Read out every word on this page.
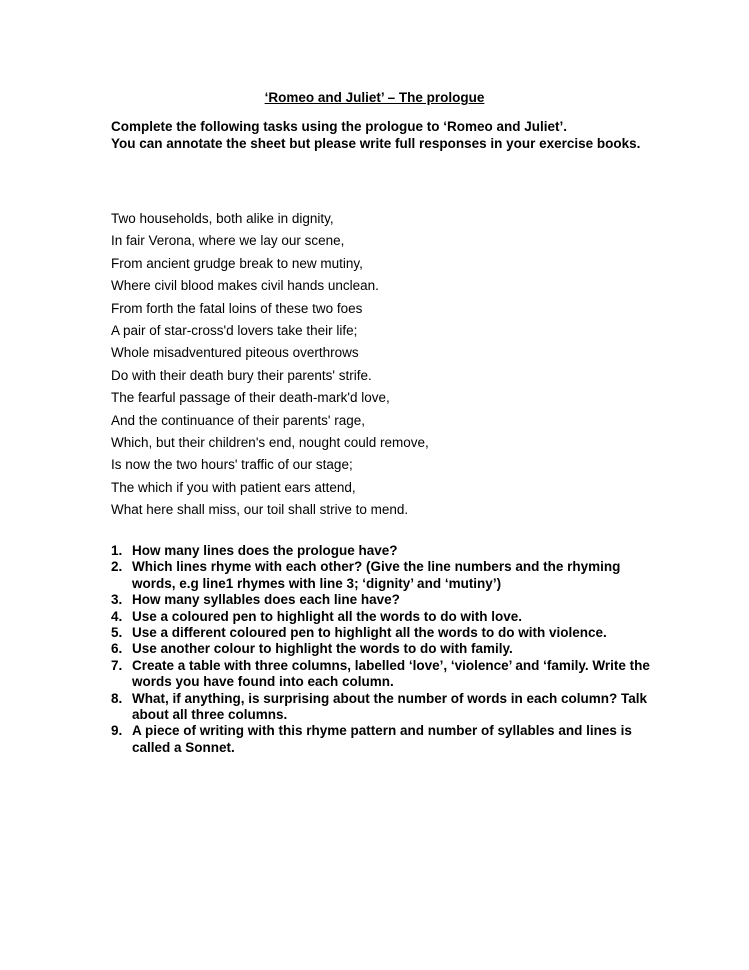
‘Romeo and Juliet’ – The prologue
Complete the following tasks using the prologue to ‘Romeo and Juliet’.
You can annotate the sheet but please write full responses in your exercise books.
Two households, both alike in dignity,
In fair Verona, where we lay our scene,
From ancient grudge break to new mutiny,
Where civil blood makes civil hands unclean.
From forth the fatal loins of these two foes
A pair of star-cross'd lovers take their life;
Whole misadventured piteous overthrows
Do with their death bury their parents' strife.
The fearful passage of their death-mark'd love,
And the continuance of their parents' rage,
Which, but their children's end, nought could remove,
Is now the two hours' traffic of our stage;
The which if you with patient ears attend,
What here shall miss, our toil shall strive to mend.
1. How many lines does the prologue have?
2. Which lines rhyme with each other? (Give the line numbers and the rhyming words, e.g line1 rhymes with line 3; ‘dignity’ and ‘mutiny’)
3. How many syllables does each line have?
4. Use a coloured pen to highlight all the words to do with love.
5. Use a different coloured pen to highlight all the words to do with violence.
6. Use another colour to highlight the words to do with family.
7. Create a table with three columns, labelled ‘love’, ‘violence’ and ‘family. Write the words you have found into each column.
8. What, if anything, is surprising about the number of words in each column? Talk about all three columns.
9. A piece of writing with this rhyme pattern and number of syllables and lines is called a Sonnet.
